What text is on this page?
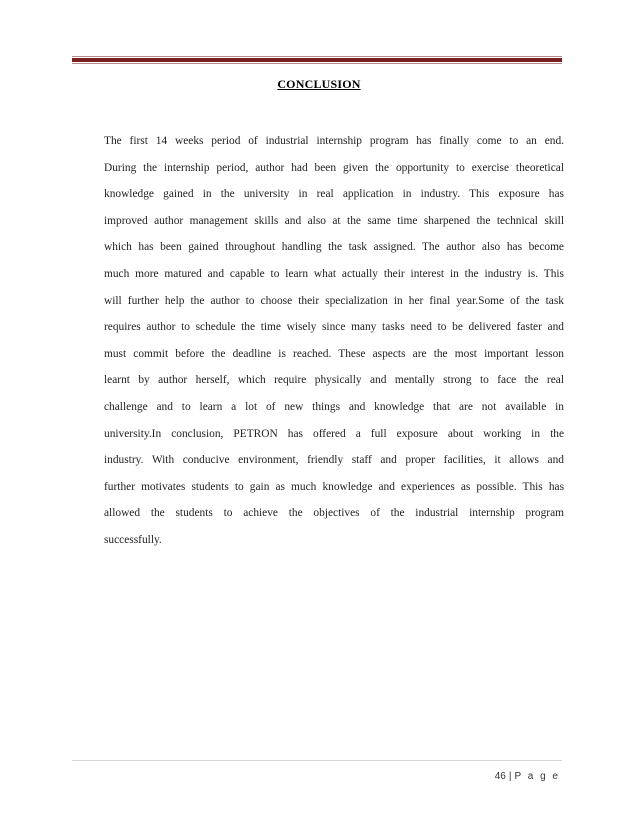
CONCLUSION
The first 14 weeks period of industrial internship program has finally come to an end.
During the internship period, author had been given the opportunity to exercise theoretical
knowledge gained in the university in real application in industry. This exposure has
improved author management skills and also at the same time sharpened the technical skill
which has been gained throughout handling the task assigned. The author also has become
much more matured and capable to learn what actually their interest in the industry is. This
will further help the author to choose their specialization in her final year.Some of the task
requires author to schedule the time wisely since many tasks need to be delivered faster and
must commit before the deadline is reached. These aspects are the most important lesson
learnt by author herself, which require physically and mentally strong to face the real
challenge and to learn a lot of new things and knowledge that are not available in
university.In conclusion, PETRON has offered a full exposure about working in the
industry. With conducive environment, friendly staff and proper facilities, it allows and
further motivates students to gain as much knowledge and experiences as possible. This has
allowed the students to achieve the objectives of the industrial internship program
successfully.
46 | P a g e
